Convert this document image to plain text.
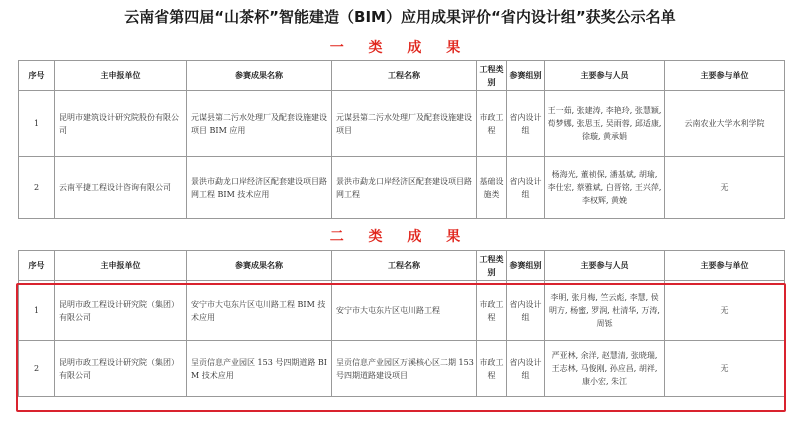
云南省第四届“山茶杯”智能建造（BIM）应用成果评价“省内设计组”获奖公示名单
一 类 成 果
序号	主申报单位	参赛成果名称	工程名称	工程类别	参赛组别	主要参与人员	主要参与单位
1	昆明市建筑设计研究院股份有限公司	元谋县第二污水处理厂及配套设施建设项目 BIM 应用	元谋县第二污水处理厂及配套设施建设项目	市政工程	省内设计组	王一茹, 张建涛, 李艳玲, 张慧颖, 荀梦娜, 张思玉, 吴雨蓉, 邱适康, 徐璇, 黄承娟	云南农业大学水利学院
2	云南平捷工程设计咨询有限公司	景洪市勐龙口岸经济区配套建设项目路网工程 BIM 技术应用	景洪市勐龙口岸经济区配套建设项目路网工程	基础设施类	省内设计组	杨海光, 董祯保, 潘基斌, 胡瑜, 李仕宏, 蔡雅斌, 白晋铭, 王兴萍, 李权辉, 黄娩	无
二 类 成 果
序号	主申报单位	参赛成果名称	工程名称	工程类别	参赛组别	主要参与人员	主要参与单位
1	昆明市政工程设计研究院（集团）有限公司	安宁市大屯东片区屯川路工程 BIM 技术应用	安宁市大屯东片区屯川路工程	市政工程	省内设计组	李明, 张月梅, 竺云彪, 李慧, 侯明方, 杨蜜, 罗润, 杜清华, 万涛, 周铄	无
2	昆明市政工程设计研究院（集团）有限公司	呈贡信息产业园区 153 号四期道路 BIM 技术应用	呈贡信息产业园区万溪核心区二期 153 号四期道路建设项目	市政工程	省内设计组	严亚林, 余洋, 赵慧清, 张晓瑞, 王志林, 马俊刚, 孙应昌, 胡祥, 康小宏, 朱江	无
